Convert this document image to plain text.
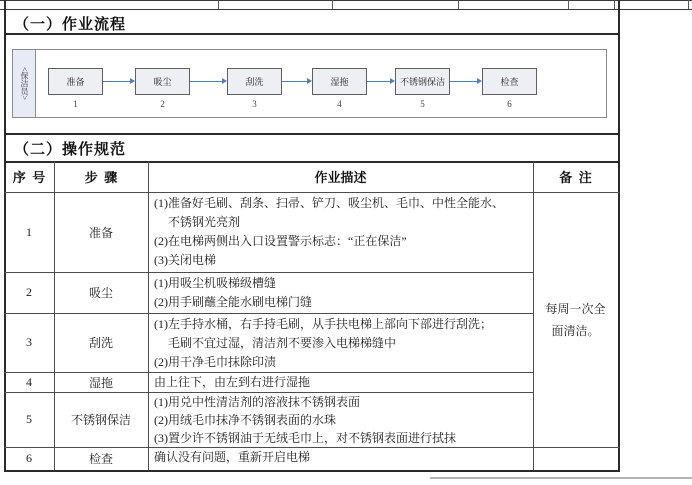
（一）作业流程
<保洁员>	准备	吸尘	刮洗	湿拖	不锈钢保洁	检查
1	2	3	4	5	6
（二）操作规范
序  号	步  骤	作业描述	备  注
1	准备
(1)准备好毛刷、刮条、扫帚、铲刀、吸尘机、毛巾、中性全能水、
不锈钢光亮剂
(2)在电梯两侧出入口设置警示标志：“正在保洁”
(3)关闭电梯
2	吸尘
(1)用吸尘机吸梯级槽缝
(2)用手刷蘸全能水刷电梯门缝
3	刮洗
(1)左手持水桶，右手持毛刷，从手扶电梯上部向下部进行刮洗；
毛刷不宜过湿，清洁剂不要渗入电梯梯缝中
(2)用干净毛巾抹除印渍
4	湿拖	由上往下，由左到右进行湿拖
5	不锈钢保洁
(1)用兑中性清洁剂的溶液抹不锈钢表面
(2)用绒毛巾抹净不锈钢表面的水珠
(3)置少许不锈钢油于无绒毛巾上，对不锈钢表面进行拭抹
6	检查	确认没有问题，重新开启电梯
每周一次全面清洁。
